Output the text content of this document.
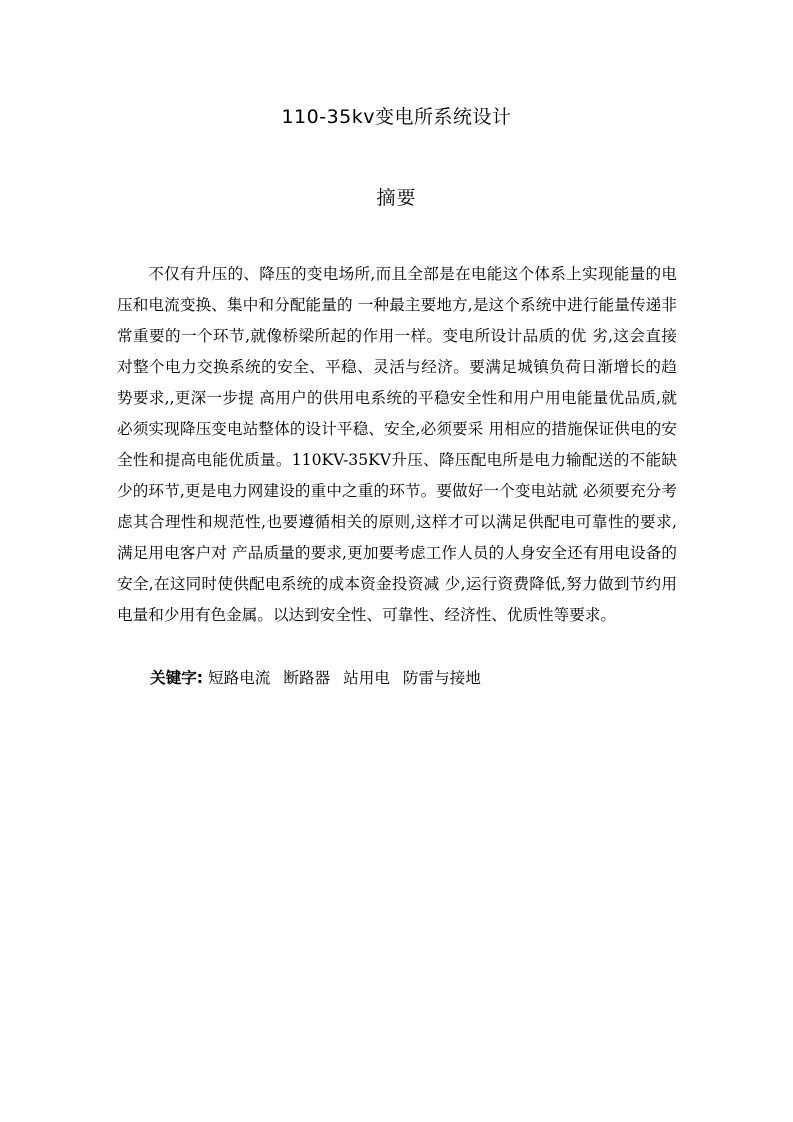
110-35kv变电所系统设计
摘要

不仅有升压的、降压的变电场所,而且全部是在电能这个体系上实现能量的电压和电流变换、集中和分配能量的 一种最主要地方,是这个系统中进行能量传递非常重要的一个环节,就像桥梁所起的作用一样。变电所设计品质的优 劣,这会直接对整个电力交换系统的安全、平稳、灵活与经济。要满足城镇负荷日渐增长的趋势要求,,更深一步提 高用户的供用电系统的平稳安全性和用户用电能量优品质,就必须实现降压变电站整体的设计平稳、安全,必须要采 用相应的措施保证供电的安全性和提高电能优质量。110KV-35KV升压、降压配电所是电力输配送的不能缺少的环节,更是电力网建设的重中之重的环节。要做好一个变电站就 必须要充分考虑其合理性和规范性,也要遵循相关的原则,这样才可以满足供配电可靠性的要求,满足用电客户对 产品质量的要求,更加要考虑工作人员的人身安全还有用电设备的安全,在这同时使供配电系统的成本资金投资减 少,运行资费降低,努力做到节约用电量和少用有色金属。以达到安全性、可靠性、经济性、优质性等要求。

关键字: 短路电流 断路器 站用电 防雷与接地
